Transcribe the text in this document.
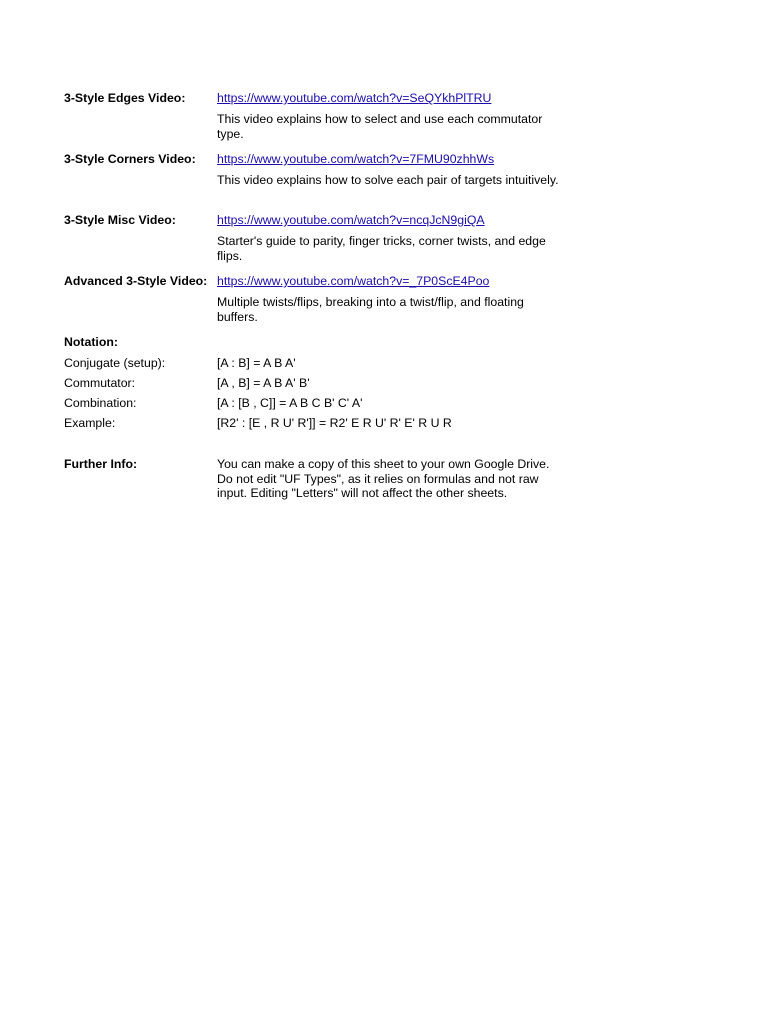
3-Style Edges Video:	https://www.youtube.com/watch?v=SeQYkhPlTRU
This video explains how to select and use each commutator type.
3-Style Corners Video: https://www.youtube.com/watch?v=7FMU90zhhWs
This video explains how to solve each pair of targets intuitively.
3-Style Misc Video:	https://www.youtube.com/watch?v=ncqJcN9giQA
Starter's guide to parity, finger tricks, corner twists, and edge flips.
Advanced 3-Style Video: https://www.youtube.com/watch?v=_7P0ScE4Poo
Multiple twists/flips, breaking into a twist/flip, and floating buffers.
Notation:
Conjugate (setup):	[A : B] = A B A'
Commutator:	[A , B] = A B A' B'
Combination:	[A : [B , C]] = A B C B' C' A'
Example:	[R2' : [E , R U' R']] = R2' E R U' R' E' R U R
Further Info:	You can make a copy of this sheet to your own Google Drive. Do not edit "UF Types", as it relies on formulas and not raw input. Editing "Letters" will not affect the other sheets.
